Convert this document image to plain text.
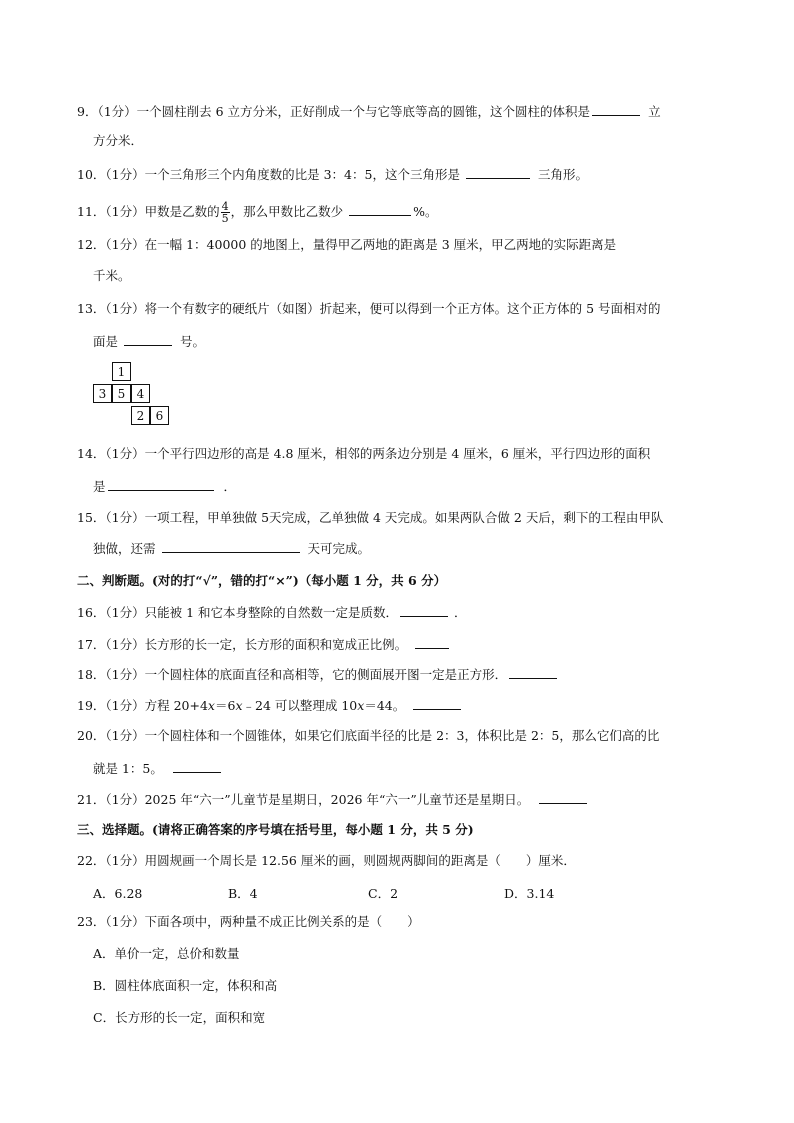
9．（1分）一个圆柱削去 6 立方分米，正好削成一个与它等底等高的圆锥，这个圆柱的体积是	立
方分米．
10．（1分）一个三角形三个内角度数的比是 3：4：5，这个三角形是	三角形。
11．（1分）甲数是乙数的 $\frac{4}{5}$ ，那么甲数比乙数少	%。
12．（1分）在一幅 1：40000 的地图上，量得甲乙两地的距离是 3 厘米，甲乙两地的实际距离是
千米。
13．（1分）将一个有数字的硬纸片（如图）折起来，便可以得到一个正方体。这个正方体的 5 号面相对的
面是	号。
1
3 5 4
2 6
14．（1分）一个平行四边形的高是 4.8 厘米，相邻的两条边分别是 4 厘米，6 厘米，平行四边形的面积
是	．
15．（1分）一项工程，甲单独做 5天完成，乙单独做 4 天完成。如果两队合做 2 天后，剩下的工程由甲队
独做，还需	天可完成。
二、判断题。(对的打“√”，错的打“×”)（每小题 1 分，共 6 分）
16．（1分）只能被 1 和它本身整除的自然数一定是质数．	．
17．（1分）长方形的长一定，长方形的面积和宽成正比例。
18．（1分）一个圆柱体的底面直径和高相等，它的侧面展开图一定是正方形．
19．（1分）方程 20+4x＝6x﹣24 可以整理成 10x＝44。
20．（1分）一个圆柱体和一个圆锥体，如果它们底面半径的比是 2：3，体积比是 2：5，那么它们高的比
就是 1：5。
21．（1分）2025 年“六一”儿童节是星期日，2026 年“六一”儿童节还是星期日。
三、选择题。(请将正确答案的序号填在括号里，每小题 1 分，共 5 分)
22．（1分）用圆规画一个周长是 12.56 厘米的画，则圆规两脚间的距离是（　　）厘米．
A．6.28	B．4	C．2	D．3.14
23．（1分）下面各项中，两种量不成正比例关系的是（　　）
A．单价一定，总价和数量
B．圆柱体底面积一定，体积和高
C．长方形的长一定，面积和宽
